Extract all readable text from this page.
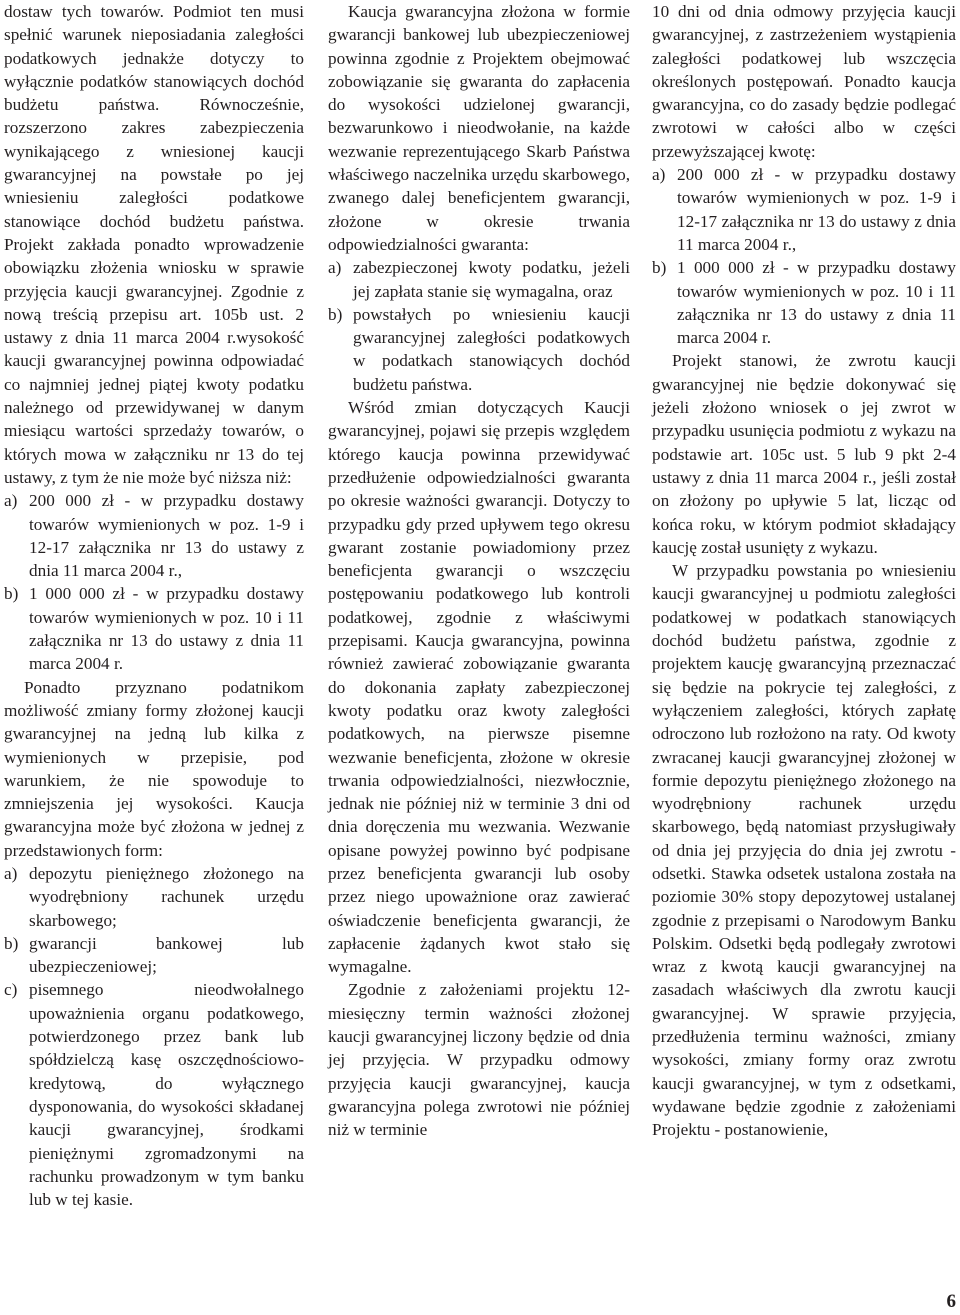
dostaw tych towarów. Podmiot ten musi spełnić warunek nieposiadania zaległości podatkowych jednakże dotyczy to wyłącznie podatków stanowiących dochód budżetu państwa. Równocześnie, rozszerzono zakres zabezpieczenia wynikającego z wniesionej kaucji gwarancyjnej na powstałe po jej wniesieniu zaległości podatkowe stanowiące dochód budżetu państwa. Projekt zakłada ponadto wprowadzenie obowiązku złożenia wniosku w sprawie przyjęcia kaucji gwarancyjnej. Zgodnie z nową treścią przepisu art. 105b ust. 2 ustawy z dnia 11 marca 2004 r.wysokość kaucji gwarancyjnej powinna odpowiadać co najmniej jednej piątej kwoty podatku należnego od przewidywanej w danym miesiącu wartości sprzedaży towarów, o których mowa w załączniku nr 13 do tej ustawy, z tym że nie może być niższa niż:

a) 200 000 zł - w przypadku dostawy towarów wymienionych w poz. 1-9 i 12-17 załącznika nr 13 do ustawy z dnia 11 marca 2004 r.,
b) 1 000 000 zł - w przypadku dostawy towarów wymienionych w poz. 10 i 11 załącznika nr 13 do ustawy z dnia 11 marca 2004 r.

Ponadto przyznano podatnikom możliwość zmiany formy złożonej kaucji gwarancyjnej na jedną lub kilka z wymienionych w przepisie, pod warunkiem, że nie spowoduje to zmniejszenia jej wysokości. Kaucja gwarancyjna może być złożona w jednej z przedstawionych form:

a) depozytu pieniężnego złożonego na wyodrębniony rachunek urzędu skarbowego;
b) gwarancji bankowej lub ubezpieczeniowej;
c) pisemnego nieodwołalnego upoważnienia organu podatkowego, potwierdzonego przez bank lub spółdzielczą kasę oszczędnościowo-kredytową, do wyłącznego dysponowania, do wysokości składanej kaucji gwarancyjnej, środkami pieniężnymi zgromadzonymi na rachunku prowadzonym w tym banku lub w tej kasie.

Kaucja gwarancyjna złożona w formie gwarancji bankowej lub ubezpieczeniowej powinna zgodnie z Projektem obejmować zobowiązanie się gwaranta do zapłacenia do wysokości udzielonej gwarancji, bezwarunkowo i nieodwołanie, na każde wezwanie reprezentującego Skarb Państwa właściwego naczelnika urzędu skarbowego, zwanego dalej beneficjentem gwarancji, złożone w okresie trwania odpowiedzialności gwaranta:

a) zabezpieczonej kwoty podatku, jeżeli jej zapłata stanie się wymagalna, oraz
b) powstałych po wniesieniu kaucji gwarancyjnej zaległości podatkowych w podatkach stanowiących dochód budżetu państwa.

Wśród zmian dotyczących Kaucji gwarancyjnej, pojawi się przepis względem którego kaucja powinna przewidywać przedłużenie odpowiedzialności gwaranta po okresie ważności gwarancji. Dotyczy to przypadku gdy przed upływem tego okresu gwarant zostanie powiadomiony przez beneficjenta gwarancji o wszczęciu postępowaniu podatkowego lub kontroli podatkowej, zgodnie z właściwymi przepisami. Kaucja gwarancyjna, powinna również zawierać zobowiązanie gwaranta do dokonania zapłaty zabezpieczonej kwoty podatku oraz kwoty zaległości podatkowych, na pierwsze pisemne wezwanie beneficjenta, złożone w okresie trwania odpowiedzialności, niezwłocznie, jednak nie później niż w terminie 3 dni od dnia doręczenia mu wezwania. Wezwanie opisane powyżej powinno być podpisane przez beneficjenta gwarancji lub osoby przez niego upoważnione oraz zawierać oświadczenie beneficjenta gwarancji, że zapłacenie żądanych kwot stało się wymagalne.

Zgodnie z założeniami projektu 12-miesięczny termin ważności złożonej kaucji gwarancyjnej liczony będzie od dnia jej przyjęcia. W przypadku odmowy przyjęcia kaucji gwarancyjnej, kaucja gwarancyjna polega zwrotowi nie później niż w terminie

10 dni od dnia odmowy przyjęcia kaucji gwarancyjnej, z zastrzeżeniem wystąpienia zaległości podatkowej lub wszczęcia określonych postępowań. Ponadto kaucja gwarancyjna, co do zasady będzie podlegać zwrotowi w całości albo w części przewyższającej kwotę:

a) 200 000 zł - w przypadku dostawy towarów wymienionych w poz. 1-9 i 12-17 załącznika nr 13 do ustawy z dnia 11 marca 2004 r.,
b) 1 000 000 zł - w przypadku dostawy towarów wymienionych w poz. 10 i 11 załącznika nr 13 do ustawy z dnia 11 marca 2004 r.

Projekt stanowi, że zwrotu kaucji gwarancyjnej nie będzie dokonywać się jeżeli złożono wniosek o jej zwrot w przypadku usunięcia podmiotu z wykazu na podstawie art. 105c ust. 5 lub 9 pkt 2-4 ustawy z dnia 11 marca 2004 r., jeśli został on złożony po upływie 5 lat, licząc od końca roku, w którym podmiot składający kaucję został usunięty z wykazu.

W przypadku powstania po wniesieniu kaucji gwarancyjnej u podmiotu zaległości podatkowej w podatkach stanowiących dochód budżetu państwa, zgodnie z projektem kaucję gwarancyjną przeznaczać się będzie na pokrycie tej zaległości, z wyłączeniem zaległości, których zapłatę odroczono lub rozłożono na raty. Od kwoty zwracanej kaucji gwarancyjnej złożonej w formie depozytu pieniężnego złożonego na wyodrębniony rachunek urzędu skarbowego, będą natomiast przysługiwały od dnia jej przyjęcia do dnia jej zwrotu - odsetki. Stawka odsetek ustalona została na poziomie 30% stopy depozytowej ustalanej zgodnie z przepisami o Narodowym Banku Polskim. Odsetki będą podlegały zwrotowi wraz z kwotą kaucji gwarancyjnej na zasadach właściwych dla zwrotu kaucji gwarancyjnej. W sprawie przyjęcia, przedłużenia terminu ważności, zmiany wysokości, zmiany formy oraz zwrotu kaucji gwarancyjnej, w tym z odsetkami, wydawane będzie zgodnie z założeniami Projektu - postanowienie,

6
